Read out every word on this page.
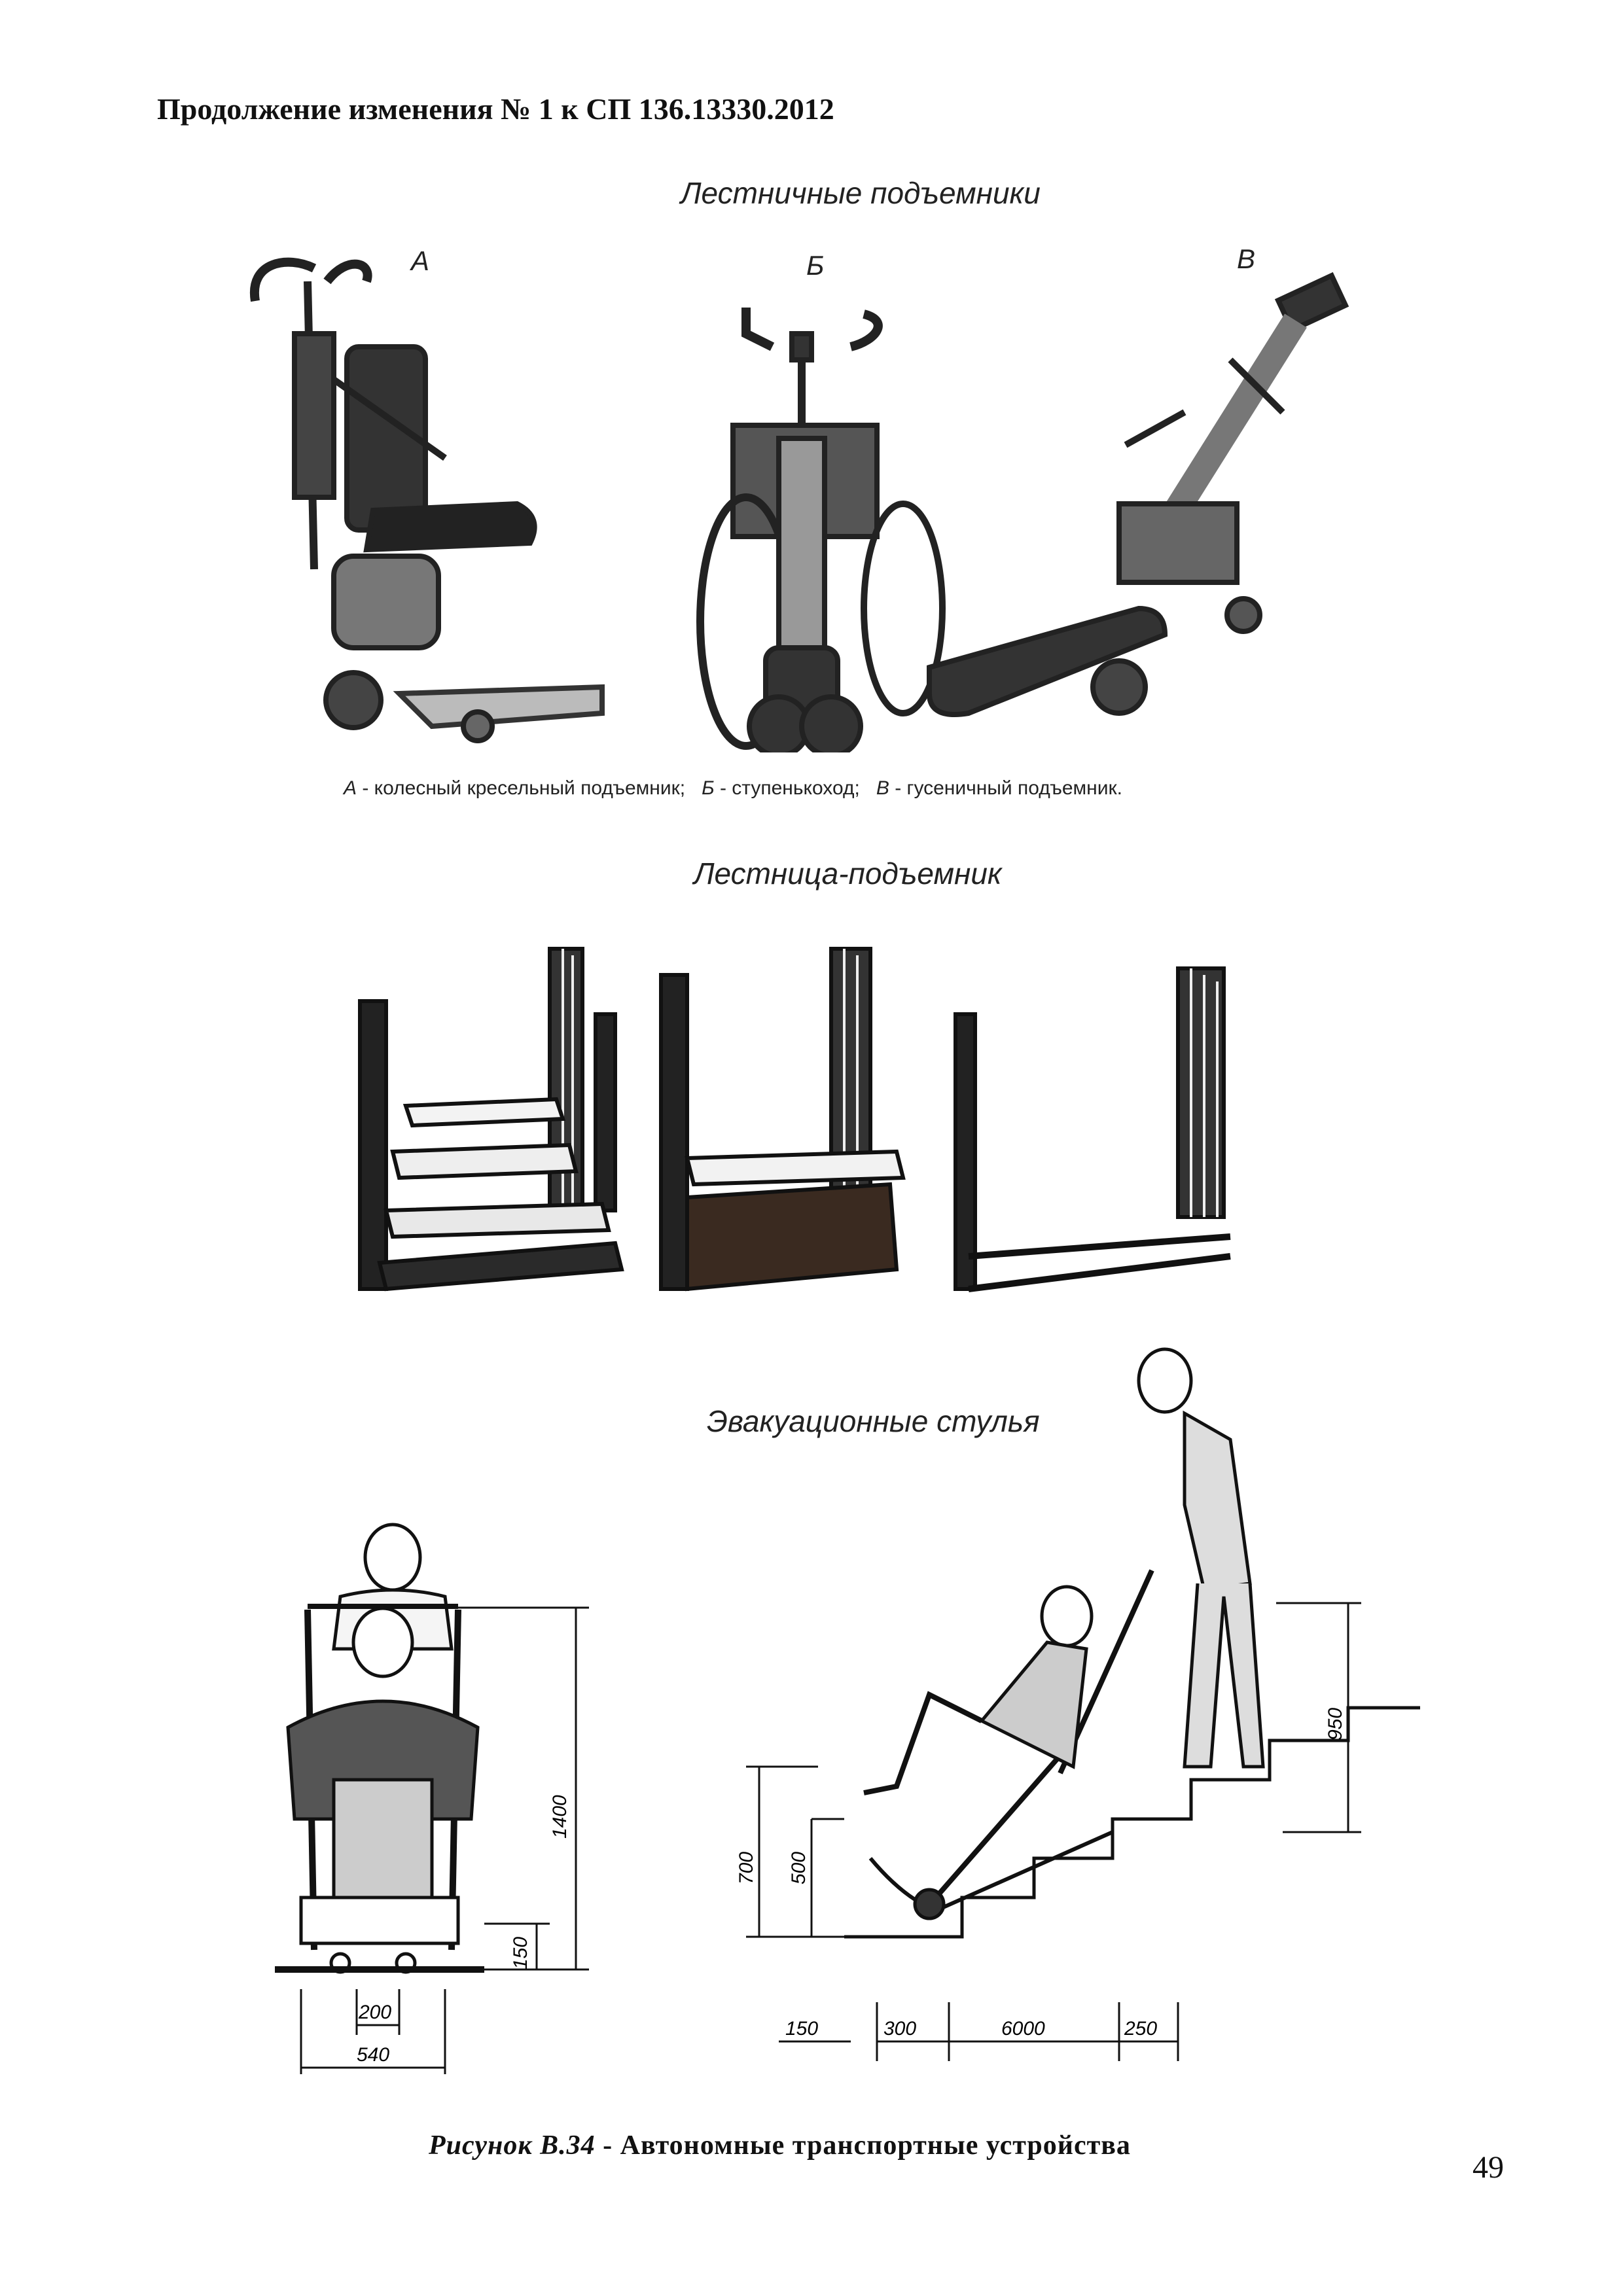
Продолжение изменения № 1 к СП 136.13330.2012
Лестничные подъемники
А	Б	В
А - колесный кресельный подъемник; Б - ступенькоход; В - гусеничный подъемник.
Лестница-подъемник
Эвакуационные стулья
1400
150
200
540
700 500
950
150	300	6000	250
Рисунок В.34 - Автономные транспортные устройства
49
